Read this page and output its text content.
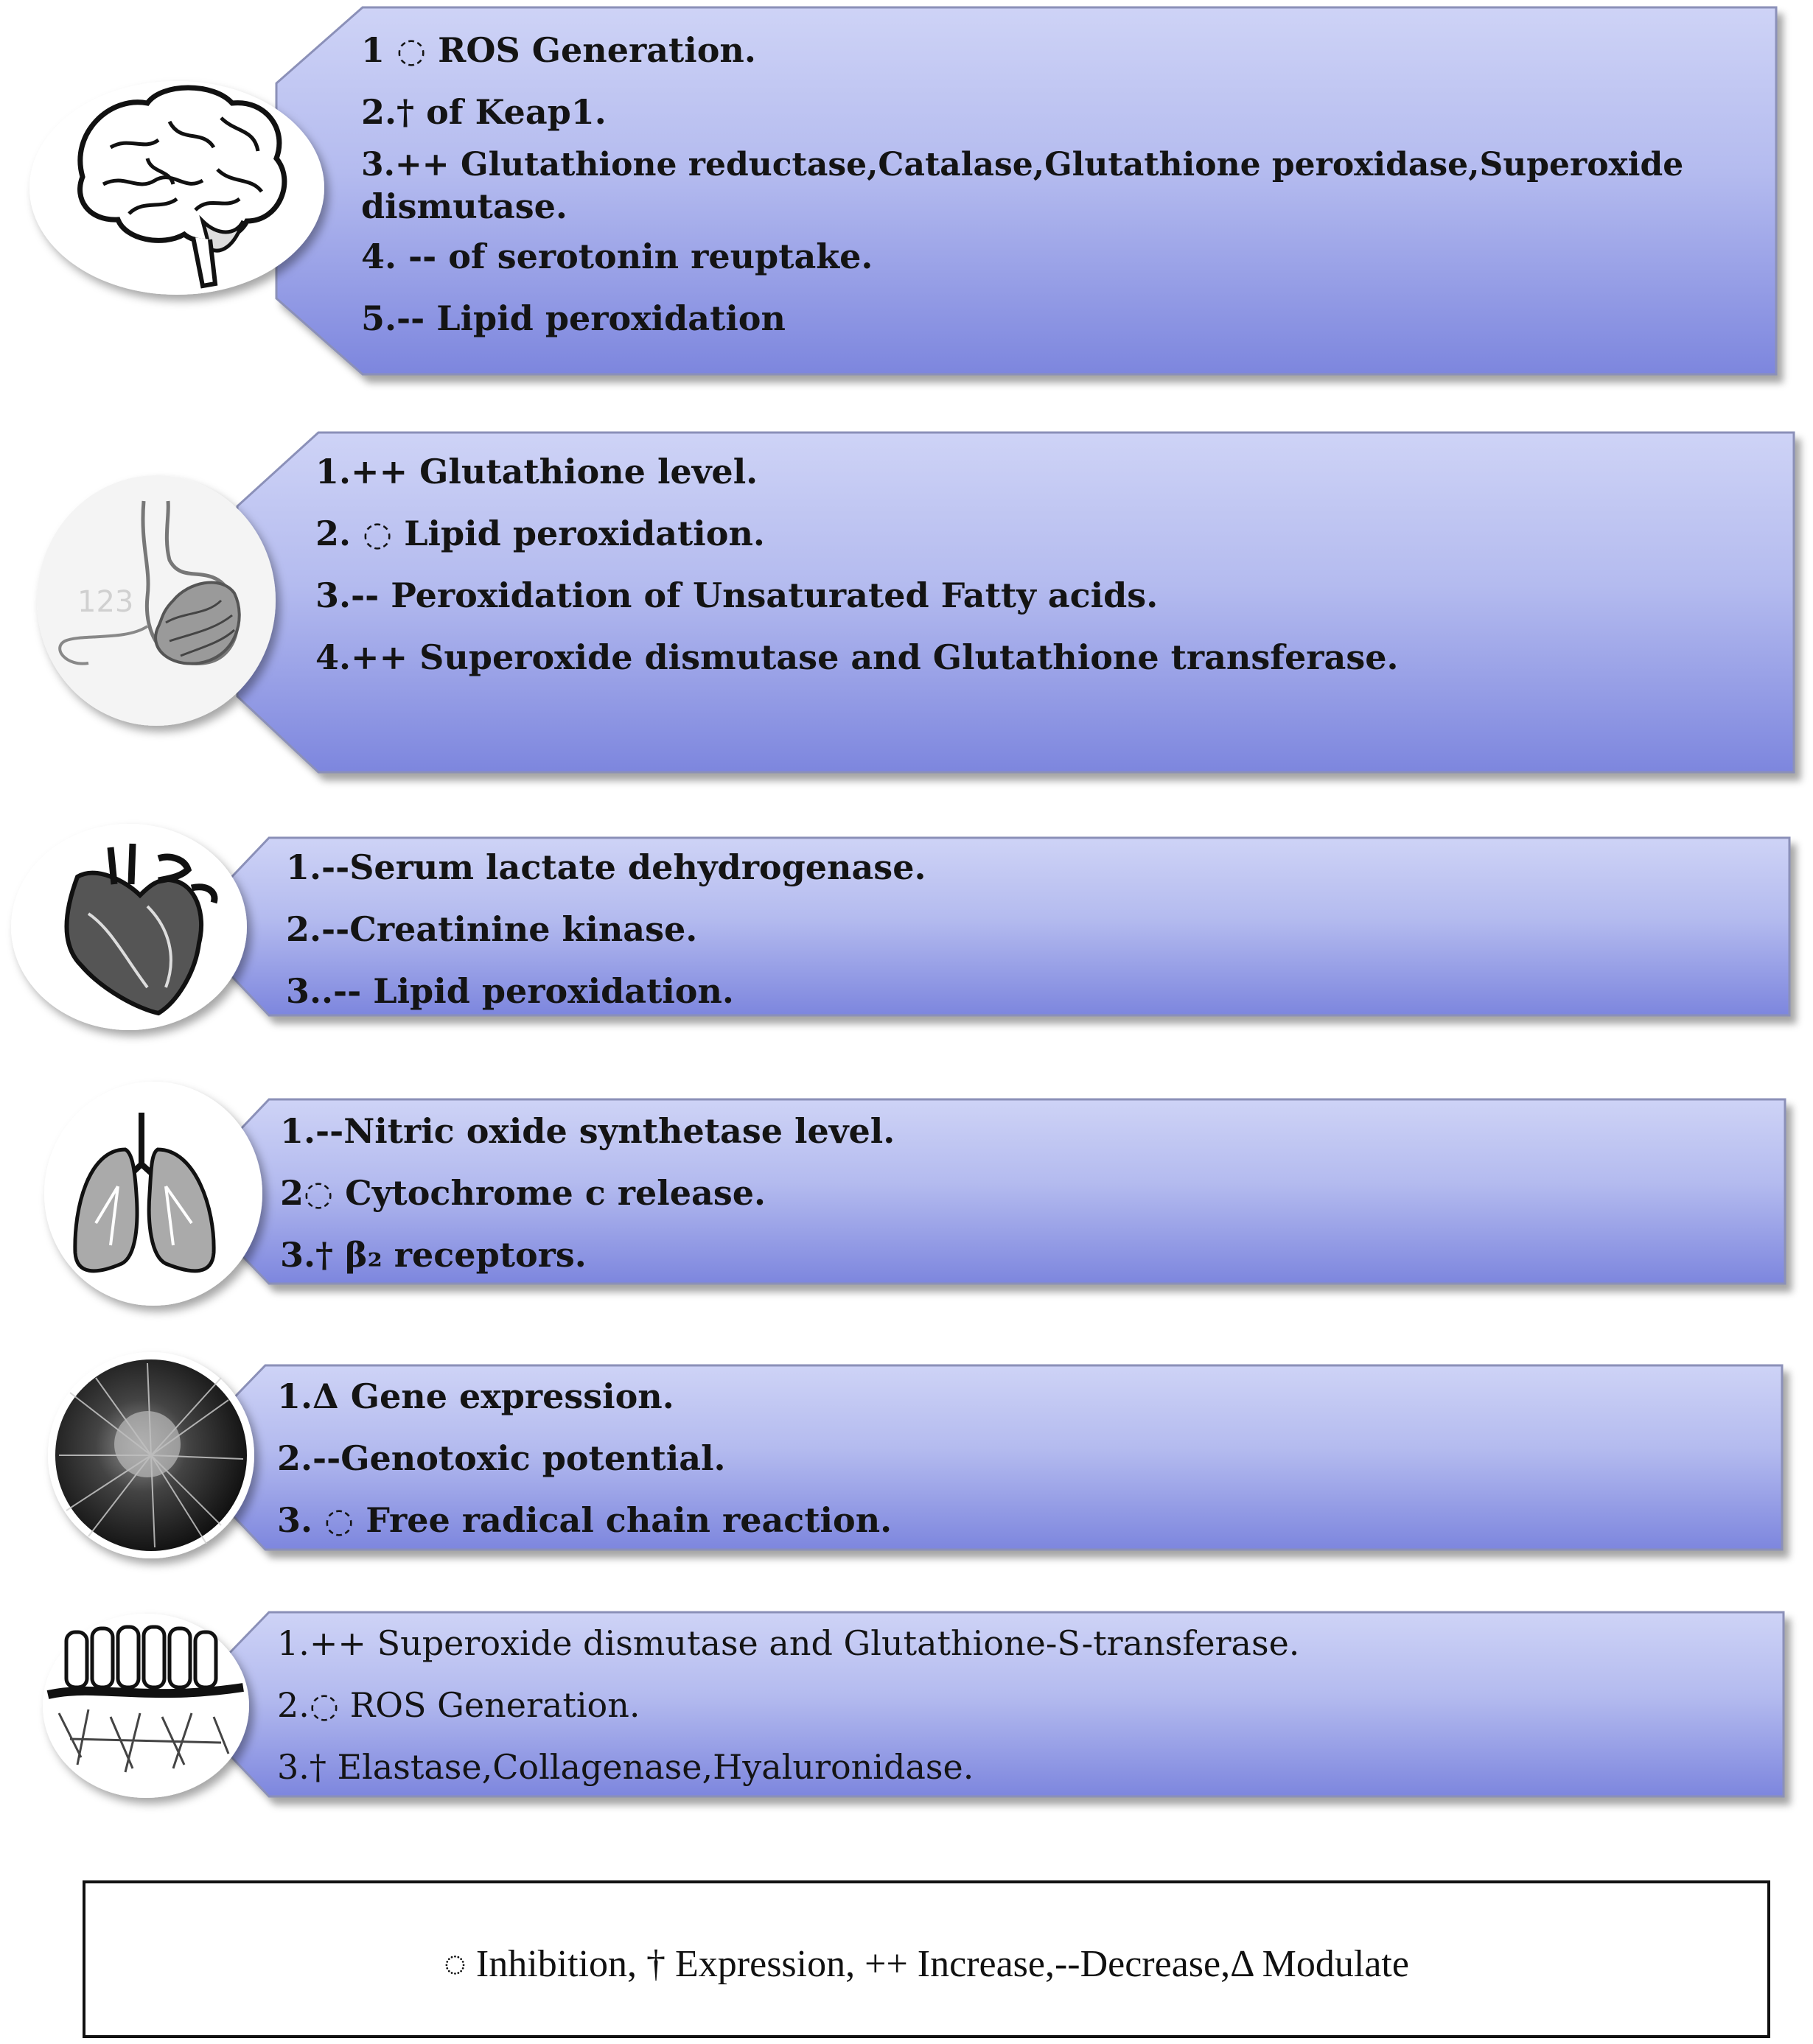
123
1 ◌ ROS Generation.
2.† of Keap1.
3.++ Glutathione reductase,Catalase,Glutathione peroxidase,Superoxide
dismutase.
4. -- of serotonin reuptake.
5.-- Lipid peroxidation
1.++ Glutathione level.
2. ◌ Lipid peroxidation.
3.-- Peroxidation of Unsaturated Fatty acids.
4.++ Superoxide dismutase and Glutathione transferase.
1.--Serum lactate dehydrogenase.
2.--Creatinine kinase.
3..-- Lipid peroxidation.
1.--Nitric oxide synthetase level.
2◌ Cytochrome c release.
3.† β₂ receptors.
1.Δ Gene expression.
2.--Genotoxic potential.
3. ◌ Free radical chain reaction.
1.++ Superoxide dismutase and Glutathione-S-transferase.
2.◌ ROS Generation.
3.† Elastase,Collagenase,Hyaluronidase.
◌ Inhibition, † Expression, ++ Increase,--Decrease,Δ Modulate
